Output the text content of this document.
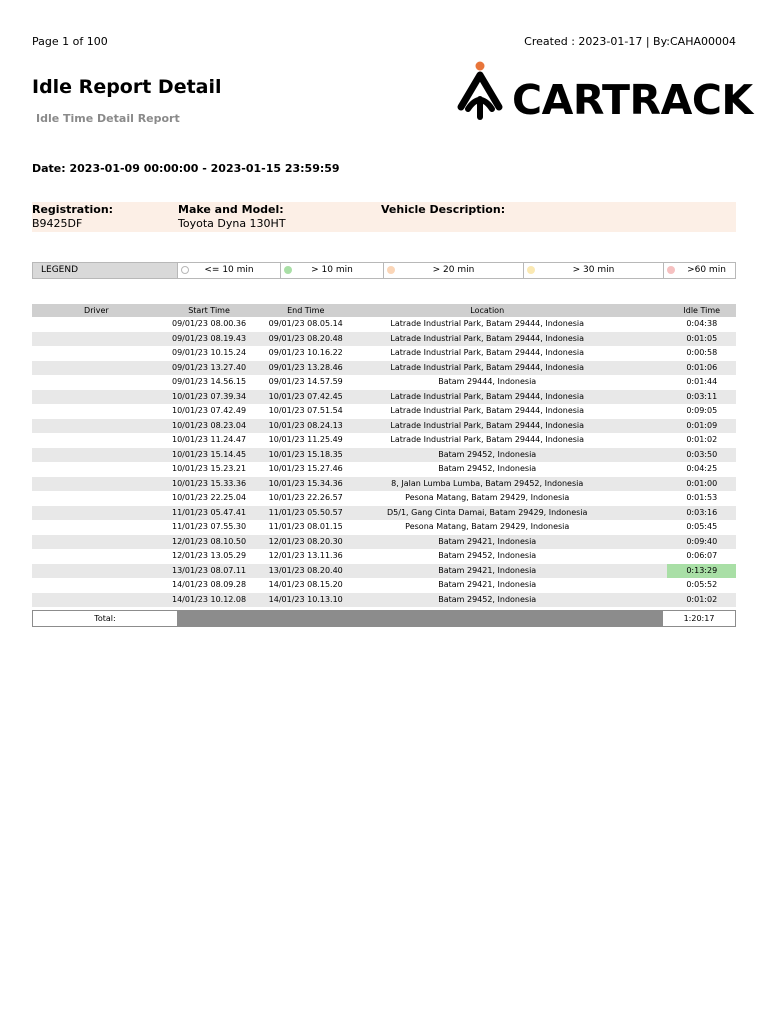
Page 1 of 100	Created : 2023-01-17 | By:CAHA00004
Idle Report Detail
Idle Time Detail Report	CARTRACK
Date: 2023-01-09 00:00:00 - 2023-01-15 23:59:59
Registration:
B9425DF
Make and Model:
Toyota Dyna 130HT
Vehicle Description:
LEGEND	<= 10 min	> 10 min	> 20 min	> 30 min	>60 min
Driver	Start Time	End Time	Location		Idle Time
	09/01/23 08.00.36	09/01/23 08.05.14	Latrade Industrial Park, Batam 29444, Indonesia		0:04:38
	09/01/23 08.19.43	09/01/23 08.20.48	Latrade Industrial Park, Batam 29444, Indonesia		0:01:05
	09/01/23 10.15.24	09/01/23 10.16.22	Latrade Industrial Park, Batam 29444, Indonesia		0:00:58
	09/01/23 13.27.40	09/01/23 13.28.46	Latrade Industrial Park, Batam 29444, Indonesia		0:01:06
	09/01/23 14.56.15	09/01/23 14.57.59	Batam 29444, Indonesia		0:01:44
	10/01/23 07.39.34	10/01/23 07.42.45	Latrade Industrial Park, Batam 29444, Indonesia		0:03:11
	10/01/23 07.42.49	10/01/23 07.51.54	Latrade Industrial Park, Batam 29444, Indonesia		0:09:05
	10/01/23 08.23.04	10/01/23 08.24.13	Latrade Industrial Park, Batam 29444, Indonesia		0:01:09
	10/01/23 11.24.47	10/01/23 11.25.49	Latrade Industrial Park, Batam 29444, Indonesia		0:01:02
	10/01/23 15.14.45	10/01/23 15.18.35	Batam 29452, Indonesia		0:03:50
	10/01/23 15.23.21	10/01/23 15.27.46	Batam 29452, Indonesia		0:04:25
	10/01/23 15.33.36	10/01/23 15.34.36	8, Jalan Lumba Lumba, Batam 29452, Indonesia		0:01:00
	10/01/23 22.25.04	10/01/23 22.26.57	Pesona Matang, Batam 29429, Indonesia		0:01:53
	11/01/23 05.47.41	11/01/23 05.50.57	D5/1, Gang Cinta Damai, Batam 29429, Indonesia		0:03:16
	11/01/23 07.55.30	11/01/23 08.01.15	Pesona Matang, Batam 29429, Indonesia		0:05:45
	12/01/23 08.10.50	12/01/23 08.20.30	Batam 29421, Indonesia		0:09:40
	12/01/23 13.05.29	12/01/23 13.11.36	Batam 29452, Indonesia		0:06:07
	13/01/23 08.07.11	13/01/23 08.20.40	Batam 29421, Indonesia		0:13:29
	14/01/23 08.09.28	14/01/23 08.15.20	Batam 29421, Indonesia		0:05:52
	14/01/23 10.12.08	14/01/23 10.13.10	Batam 29452, Indonesia		0:01:02
Total:	1:20:17
